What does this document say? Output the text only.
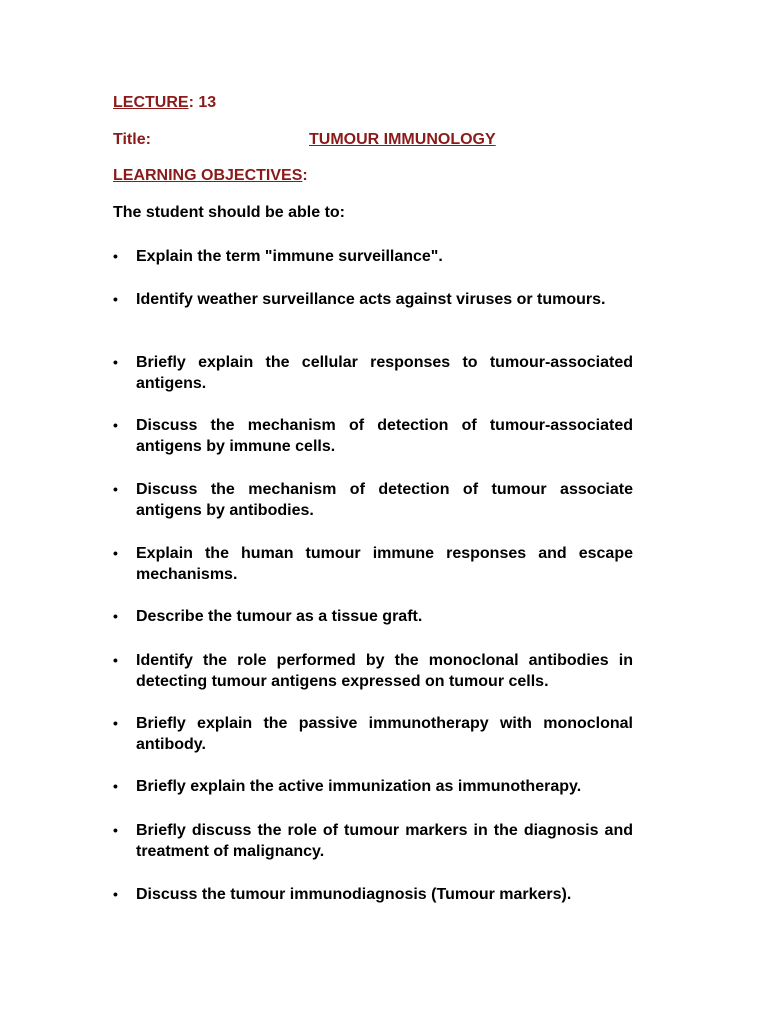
LECTURE: 13
Title:	TUMOUR IMMUNOLOGY
LEARNING OBJECTIVES:
The student should be able to:
• Explain the term "immune surveillance".
• Identify weather surveillance acts against viruses or tumours.
• Briefly explain the cellular responses to tumour-associated antigens.
• Discuss the mechanism of detection of tumour-associated antigens by immune cells.
• Discuss the mechanism of detection of tumour associate antigens by antibodies.
• Explain the human tumour immune responses and escape mechanisms.
• Describe the tumour as a tissue graft.
• Identify the role performed by the monoclonal antibodies in detecting tumour antigens expressed on tumour cells.
• Briefly explain the passive immunotherapy with monoclonal antibody.
• Briefly explain the active immunization as immunotherapy.
• Briefly discuss the role of tumour markers in the diagnosis and treatment of malignancy.
• Discuss the tumour immunodiagnosis (Tumour markers).
